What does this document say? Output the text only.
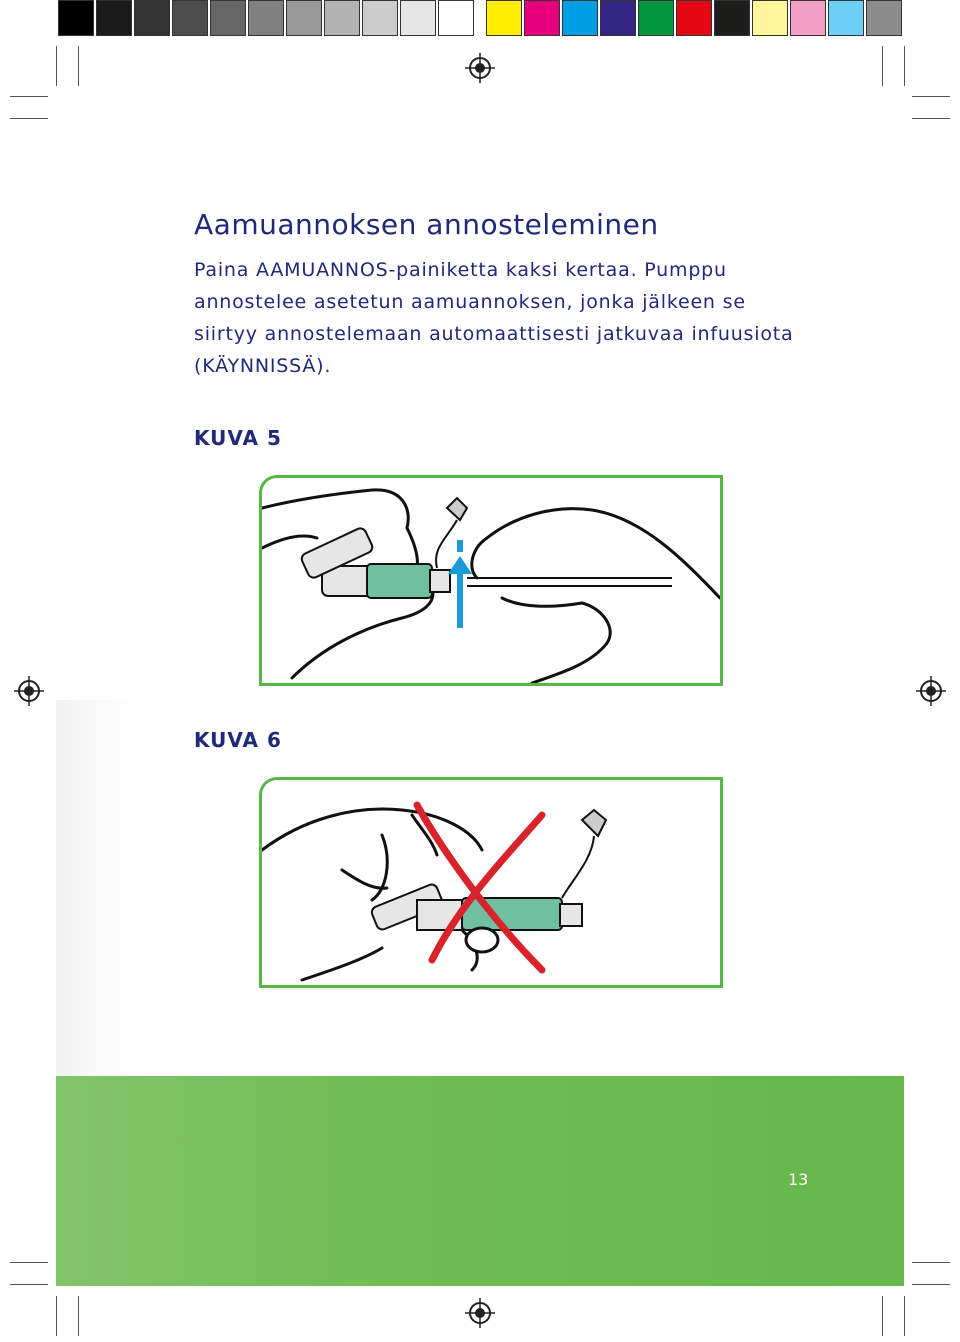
Aamuannoksen annosteleminen
Paina AAMUANNOS-painiketta kaksi kertaa. Pumppu annostelee asetetun aamuannoksen, jonka jälkeen se siirtyy annostelemaan automaattisesti jatkuvaa infuusiota (KÄYNNISSÄ).
KUVA 5
KUVA 6
13
